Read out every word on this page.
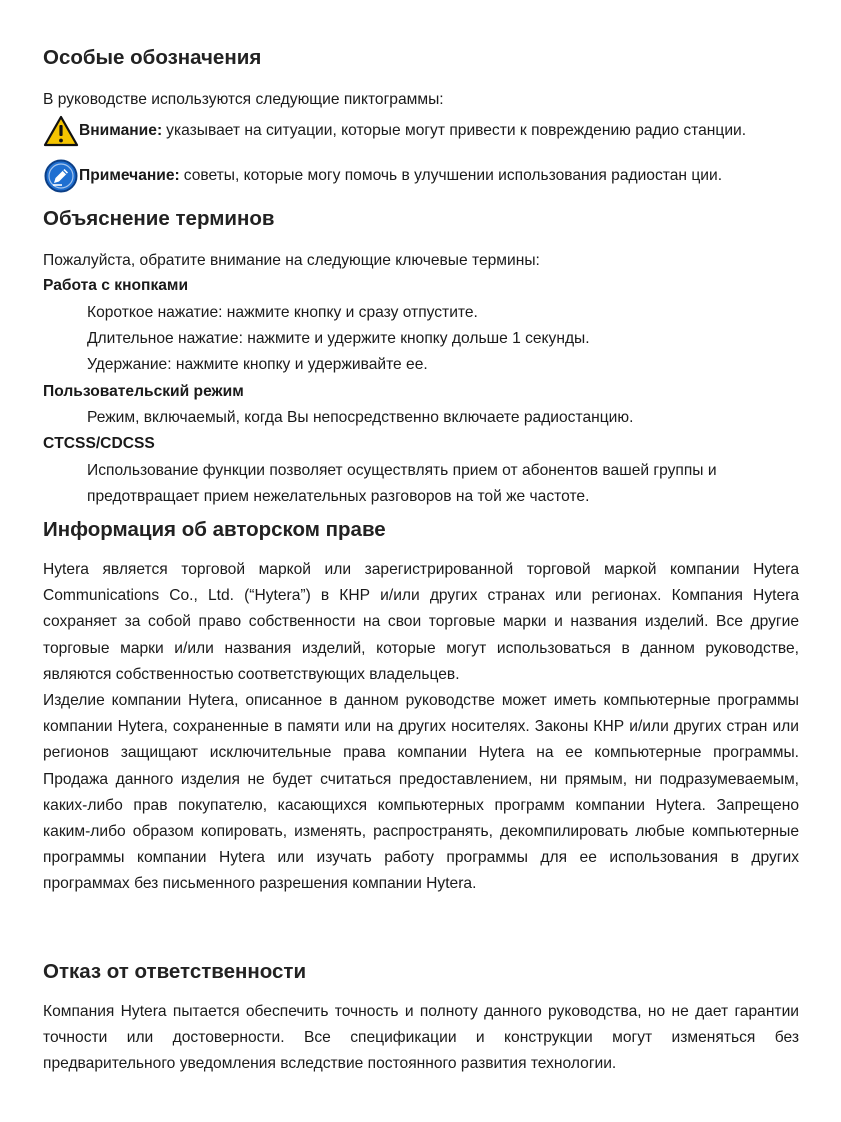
Особые обозначения
В руководстве используются следующие пиктограммы:
Внимание: указывает на ситуации, которые могут привести к повреждению радио станции.
Примечание: советы, которые могу помочь в улучшении использования радиостан ции.
Объяснение терминов
Пожалуйста, обратите внимание на следующие ключевые термины:
Работа с кнопками
Короткое нажатие: нажмите кнопку и сразу отпустите.
Длительное нажатие: нажмите и удержите кнопку дольше 1 секунды.
Удержание: нажмите кнопку и удерживайте ее.
Пользовательский режим
Режим, включаемый, когда Вы непосредственно включаете радиостанцию.
CTCSS/CDCSS
Использование функции позволяет осуществлять прием от абонентов вашей группы и
предотвращает прием нежелательных разговоров на той же частоте.
Информация об авторском праве

Hytera является торговой маркой или зарегистрированной торговой маркой компании Hytera Communications Co., Ltd. (“Hytera”) в КНР и/или других странах или регионах. Компания Hytera сохраняет за собой право собственности на свои торговые марки и названия изделий. Все другие торговые марки и/или названия изделий, которые могут использоваться в данном руководстве, являются собственностью соответствующих владельцев.

Изделие компании Hytera, описанное в данном руководстве может иметь компьютерные программы компании Hytera, сохраненные в памяти или на других носителях. Законы КНР и/или других стран или регионов защищают исключительные права компании Hytera на ее компьютерные программы. Продажа данного изделия не будет считаться предоставлением, ни прямым, ни подразумеваемым, каких-либо прав покупателю, касающихся компьютерных программ компании Hytera. Запрещено каким-либо образом копировать, изменять, распространять, декомпилировать любые компьютерные программы компании Hytera или изучать работу программы для ее использования в других программах без письменного разрешения компании Hytera.

Отказ от ответственности

Компания Hytera пытается обеспечить точность и полноту данного руководства, но не дает гарантии точности или достоверности. Все спецификации и конструкции могут изменяться без предварительного уведомления вследствие постоянного развития технологии.
